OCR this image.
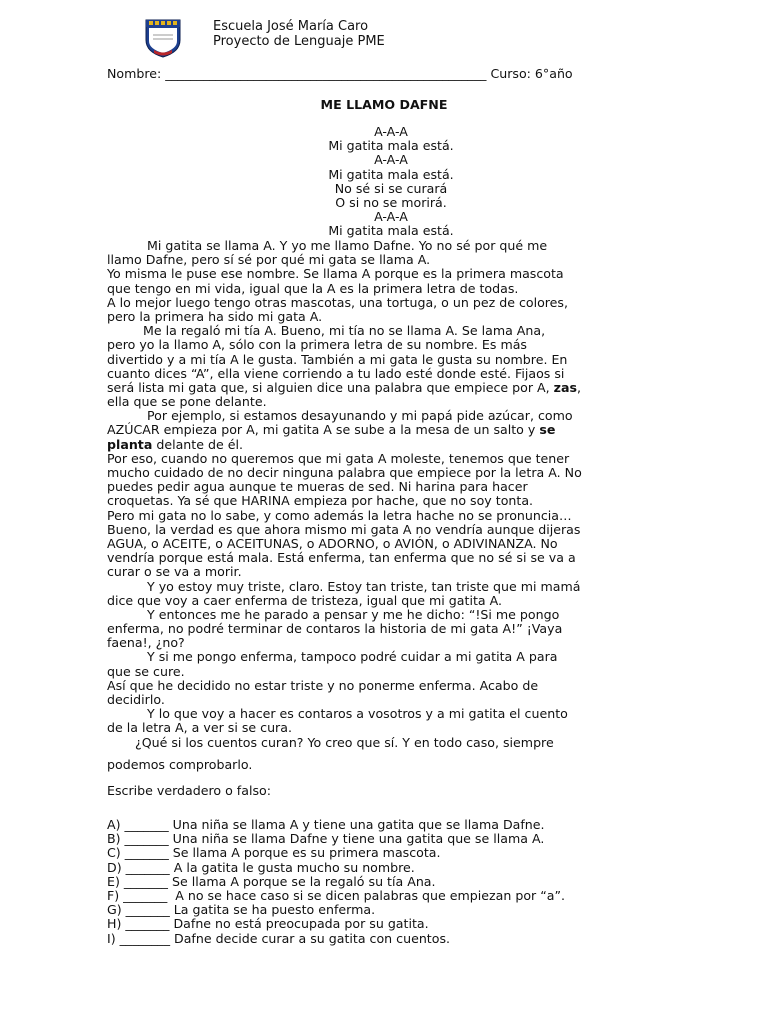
Escuela José María Caro
Proyecto de Lenguaje PME
Nombre: ___________________________________________________ Curso: 6°año
ME LLAMO DAFNE
A-A-A
Mi gatita mala está.
A-A-A
Mi gatita mala está.
No sé si se curará
O si no se morirá.
A-A-A
Mi gatita mala está.
Mi gatita se llama A. Y yo me llamo Dafne. Yo no sé por qué me
llamo Dafne, pero sí sé por qué mi gata se llama A.
Yo misma le puse ese nombre. Se llama A porque es la primera mascota
que tengo en mi vida, igual que la A es la primera letra de todas.
A lo mejor luego tengo otras mascotas, una tortuga, o un pez de colores,
pero la primera ha sido mi gata A.
Me la regaló mi tía A. Bueno, mi tía no se llama A. Se lama Ana,
pero yo la llamo A, sólo con la primera letra de su nombre. Es más
divertido y a mi tía A le gusta. También a mi gata le gusta su nombre. En
cuanto dices “A”, ella viene corriendo a tu lado esté donde esté. Fijaos si
será lista mi gata que, si alguien dice una palabra que empiece por A, zas,
ella que se pone delante.
Por ejemplo, si estamos desayunando y mi papá pide azúcar, como
AZÚCAR empieza por A, mi gatita A se sube a la mesa de un salto y se
planta delante de él.
Por eso, cuando no queremos que mi gata A moleste, tenemos que tener
mucho cuidado de no decir ninguna palabra que empiece por la letra A. No
puedes pedir agua aunque te mueras de sed. Ni harina para hacer
croquetas. Ya sé que HARINA empieza por hache, que no soy tonta.
Pero mi gata no lo sabe, y como además la letra hache no se pronuncia…
Bueno, la verdad es que ahora mismo mi gata A no vendría aunque dijeras
AGUA, o ACEITE, o ACEITUNAS, o ADORNO, o AVIÓN, o ADIVINANZA. No
vendría porque está mala. Está enferma, tan enferma que no sé si se va a
curar o se va a morir.
Y yo estoy muy triste, claro. Estoy tan triste, tan triste que mi mamá
dice que voy a caer enferma de tristeza, igual que mi gatita A.
Y entonces me he parado a pensar y me he dicho: “!Si me pongo
enferma, no podré terminar de contaros la historia de mi gata A!” ¡Vaya
faena!, ¿no?
Y si me pongo enferma, tampoco podré cuidar a mi gatita A para
que se cure.
Así que he decidido no estar triste y no ponerme enferma. Acabo de
decidirlo.
Y lo que voy a hacer es contaros a vosotros y a mi gatita el cuento
de la letra A, a ver si se cura.
¿Qué si los cuentos curan? Yo creo que sí. Y en todo caso, siempre
podemos comprobarlo.
Escribe verdadero o falso:
A) _______ Una niña se llama A y tiene una gatita que se llama Dafne.
B) _______ Una niña se llama Dafne y tiene una gatita que se llama A.
C) _______ Se llama A porque es su primera mascota.
D) _______ A la gatita le gusta mucho su nombre.
E) _______ Se llama A porque se la regaló su tía Ana.
F) _______  A no se hace caso si se dicen palabras que empiezan por “a”.
G) _______ La gatita se ha puesto enferma.
H) _______ Dafne no está preocupada por su gatita.
I) ________ Dafne decide curar a su gatita con cuentos.
